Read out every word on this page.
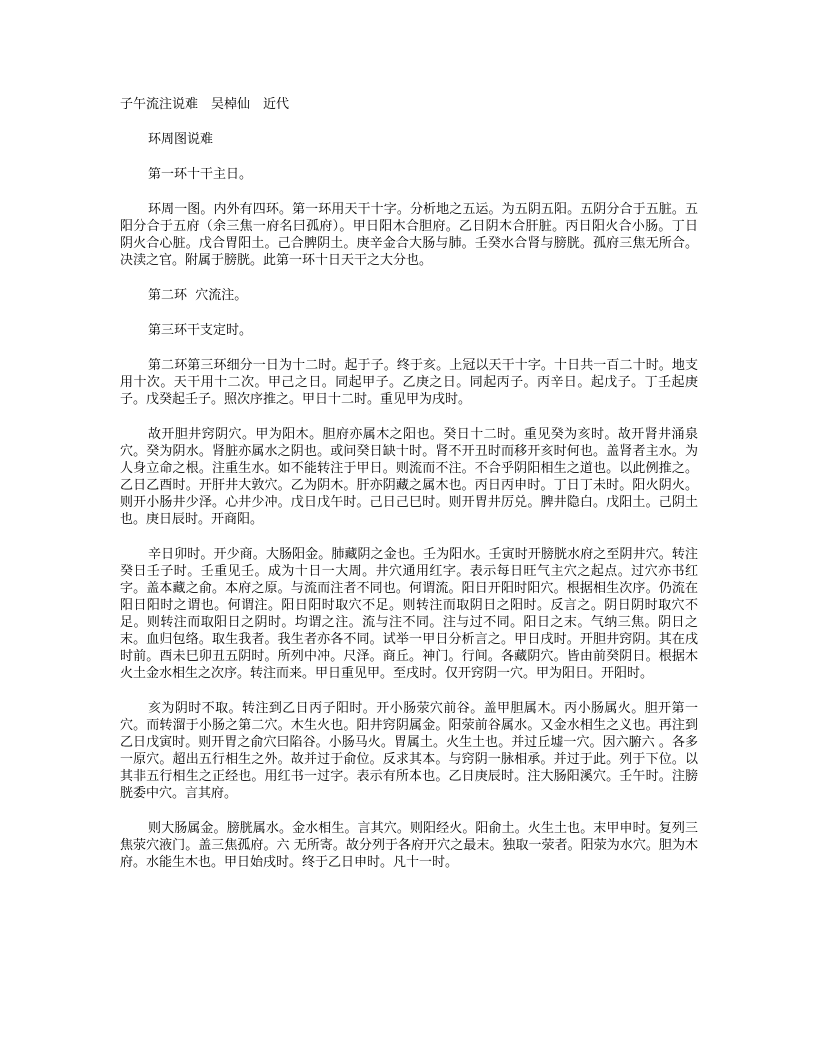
子午流注说难　吴棹仙　近代
环周图说难
第一环十干主日。
环周一图。内外有四环。第一环用天干十字。分析地之五运。为五阴五阳。五阴分合于五脏。五阳分合于五府（余三焦一府名曰孤府）。甲日阳木合胆府。乙日阴木合肝脏。丙日阳火合小肠。丁日阴火合心脏。戊合胃阳土。己合脾阴土。庚辛金合大肠与肺。壬癸水合肾与膀胱。孤府三焦无所合。决渎之官。附属于膀胱。此第一环十日天干之大分也。
第二环  穴流注。
第三环干支定时。
第二环第三环细分一日为十二时。起于子。终于亥。上冠以天干十字。十日共一百二十时。地支用十次。天干用十二次。甲己之日。同起甲子。乙庚之日。同起丙子。丙辛日。起戊子。丁壬起庚子。戊癸起壬子。照次序推之。甲日十二时。重见甲为戌时。
故开胆井窍阴穴。甲为阳木。胆府亦属木之阳也。癸日十二时。重见癸为亥时。故开肾井涌泉穴。癸为阴水。肾脏亦属水之阴也。或问癸日缺十时。肾不开丑时而移开亥时何也。盖肾者主水。为人身立命之根。注重生水。如不能转注于甲日。则流而不注。不合乎阴阳相生之道也。以此例推之。乙日乙酉时。开肝井大敦穴。乙为阴木。肝亦阴藏之属木也。丙日丙申时。丁日丁未时。阳火阴火。则开小肠井少泽。心井少冲。戊日戊午时。己日己巳时。则开胃井厉兑。脾井隐白。戊阳土。己阴土也。庚日辰时。开商阳。
辛日卯时。开少商。大肠阳金。肺藏阴之金也。壬为阳水。壬寅时开膀胱水府之至阴井穴。转注癸日壬子时。壬重见壬。成为十日一大周。井穴通用红字。表示每日旺气主穴之起点。过穴亦书红字。盖本藏之俞。本府之原。与流而注者不同也。何谓流。阳日开阳时阳穴。根据相生次序。仍流在阳日阳时之谓也。何谓注。阳日阳时取穴不足。则转注而取阴日之阳时。反言之。阴日阴时取穴不足。则转注而取阳日之阴时。均谓之注。流与注不同。注与过不同。阳日之末。气纳三焦。阴日之末。血归包络。取生我者。我生者亦各不同。试举一甲日分析言之。甲日戌时。开胆井窍阴。其在戌时前。酉未巳卯丑五阴时。所列中冲。尺泽。商丘。神门。行间。各藏阴穴。皆由前癸阴日。根据木火土金水相生之次序。转注而来。甲日重见甲。至戌时。仅开窍阴一穴。甲为阳日。开阳时。
亥为阴时不取。转注到乙日丙子阳时。开小肠荥穴前谷。盖甲胆属木。丙小肠属火。胆开第一穴。而转溜于小肠之第二穴。木生火也。阳井窍阴属金。阳荥前谷属水。又金水相生之义也。再注到乙日戊寅时。则开胃之俞穴曰陷谷。小肠马火。胃属土。火生土也。并过丘墟一穴。因六腑六 。各多一原穴。超出五行相生之外。故并过于俞位。反求其本。与窍阴一脉相承。并过于此。列于下位。以其非五行相生之正经也。用红书一过字。表示有所本也。乙日庚辰时。注大肠阳溪穴。壬午时。注膀胱委中穴。言其府。
则大肠属金。膀胱属水。金水相生。言其穴。则阳经火。阳俞土。火生土也。末甲申时。复列三焦荥穴液门。盖三焦孤府。六 无所寄。故分列于各府开穴之最末。独取一荥者。阳荥为水穴。胆为木府。水能生木也。甲日始戌时。终于乙日申时。凡十一时。
